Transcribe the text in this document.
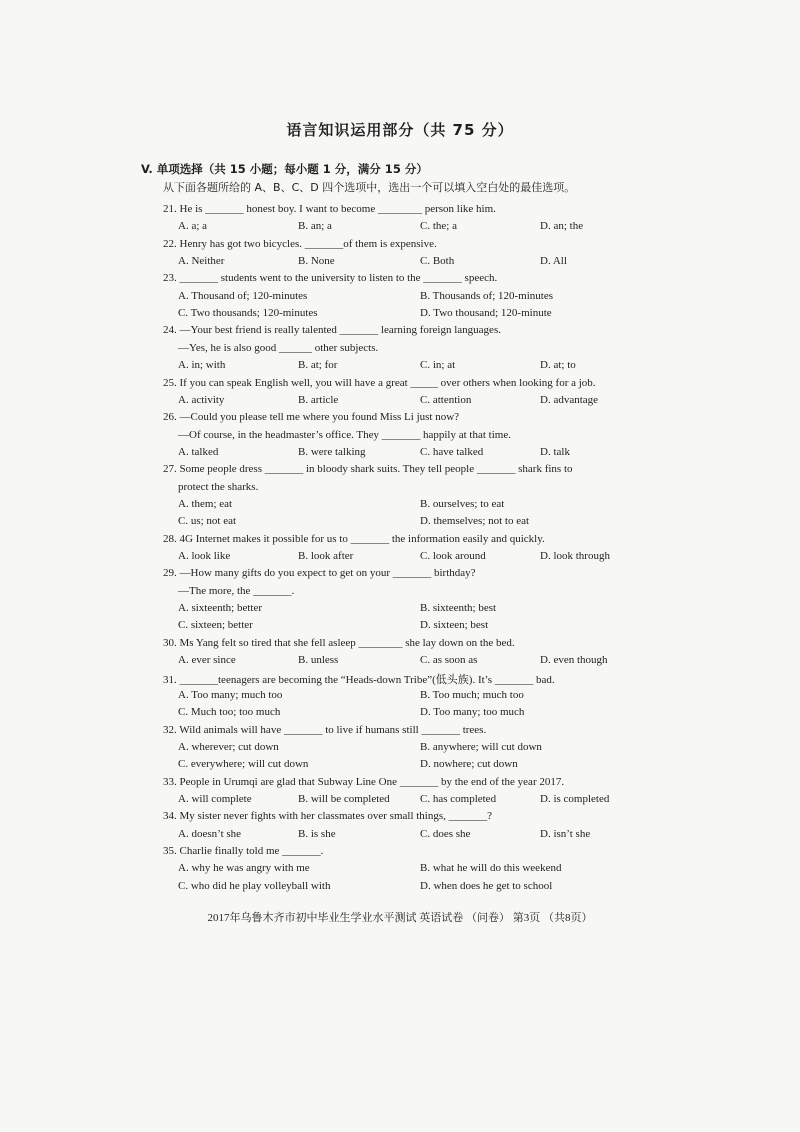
语言知识运用部分（共 75 分）
V. 单项选择（共 15 小题；每小题 1 分，满分 15 分）
从下面各题所给的 A、B、C、D 四个选项中，选出一个可以填入空白处的最佳选项。
21. He is _______ honest boy. I want to become ________ person like him.
A. a; a	B. an; a	C. the; a	D. an; the
22. Henry has got two bicycles. _______of them is expensive.
A. Neither	B. None	C. Both	D. All
23. _______ students went to the university to listen to the _______ speech.
A. Thousand of; 120-minutes	B. Thousands of; 120-minutes
C. Two thousands; 120-minutes	D. Two thousand; 120-minute
24. —Your best friend is really talented _______ learning foreign languages.
—Yes, he is also good ______ other subjects.
A. in; with	B. at; for	C. in; at	D. at; to
25. If you can speak English well, you will have a great _____ over others when looking for a job.
A. activity	B. article	C. attention	D. advantage
26. —Could you please tell me where you found Miss Li just now?
—Of course, in the headmaster’s office. They _______ happily at that time.
A. talked	B. were talking	C. have talked	D. talk
27. Some people dress _______ in bloody shark suits. They tell people _______ shark fins to
protect the sharks.
A. them; eat	B. ourselves; to eat
C. us; not eat	D. themselves; not to eat
28. 4G Internet makes it possible for us to _______ the information easily and quickly.
A. look like	B. look after	C. look around	D. look through
29. —How many gifts do you expect to get on your _______ birthday?
—The more, the _______.
A. sixteenth; better	B. sixteenth; best
C. sixteen; better	D. sixteen; best
30. Ms Yang felt so tired that she fell asleep ________ she lay down on the bed.
A. ever since	B. unless	C. as soon as	D. even though
31. _______teenagers are becoming the “Heads-down Tribe”(低头族). It’s _______ bad.
A. Too many; much too	B. Too much; much too
C. Much too; too much	D. Too many; too much
32. Wild animals will have _______ to live if humans still _______ trees.
A. wherever; cut down	B. anywhere; will cut down
C. everywhere; will cut down	D. nowhere; cut down
33. People in Urumqi are glad that Subway Line One _______ by the end of the year 2017.
A. will complete	B. will be completed	C. has completed	D. is completed
34. My sister never fights with her classmates over small things, _______?
A. doesn’t she	B. is she	C. does she	D. isn’t she
35. Charlie finally told me _______.
A. why he was angry with me	B. what he will do this weekend
C. who did he play volleyball with	D. when does he get to school
2017年乌鲁木齐市初中毕业生学业水平测试 英语试卷 （问卷） 第3页 （共8页）
